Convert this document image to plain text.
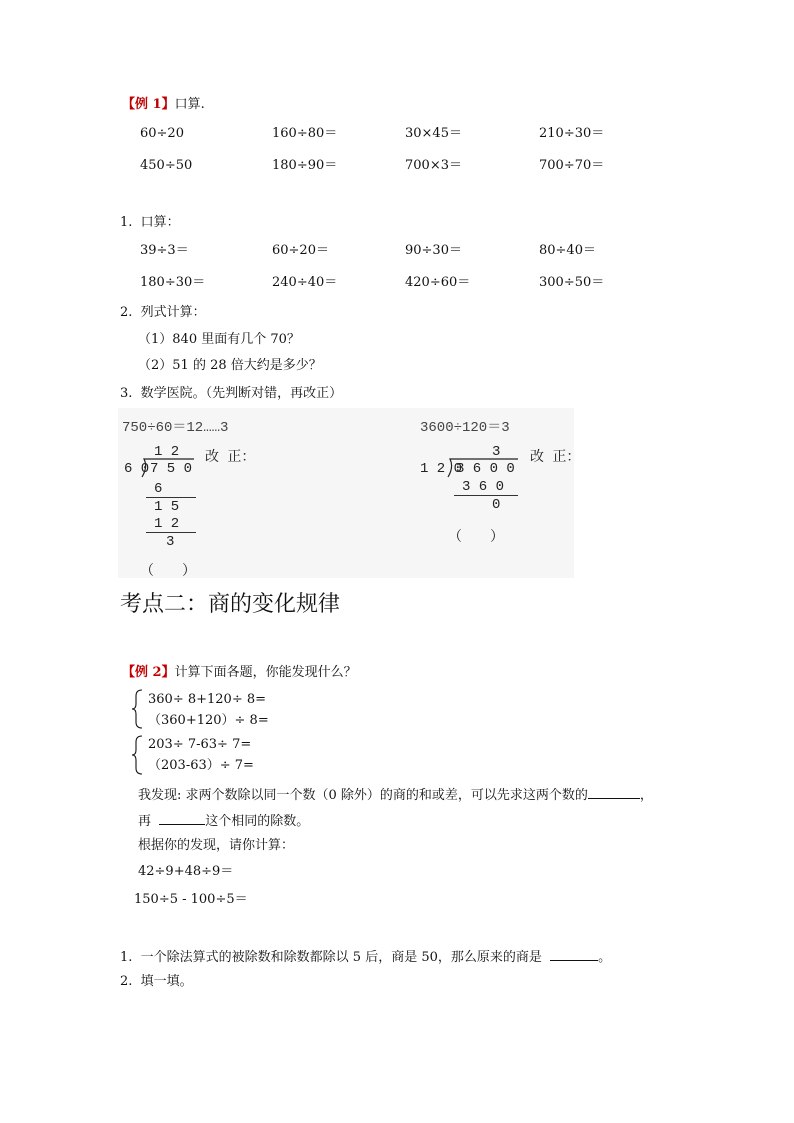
【例 1】口算.
60÷20	160÷80＝	30×45＝	210÷30＝
450÷50	180÷90＝	700×3＝	700÷70＝
1. 口算：
39÷3＝	60÷20＝	90÷30＝	80÷40＝
180÷30＝	240÷40＝	420÷60＝	300÷50＝
2. 列式计算：
（1）840 里面有几个 70？
（2）51 的 28 倍大约是多少？
3. 数学医院。（先判断对错，再改正）
750÷60＝12……3
1 2
6 0 7 5 0
6
1 5
1 2
3
改 正：
（　　）
3600÷120＝3
3
1 2 0
3 6 0 0
3 6 0
0
改 正：
（　　）
考点二：商的变化规律
【例 2】计算下面各题，你能发现什么？
360÷ 8+120÷ 8=
（360+120）÷ 8=
203÷ 7-63÷ 7=
（203-63）÷ 7=
我发现: 求两个数除以同一个数（0 除外）的商的和或差，可以先求这两个数的	，
再	这个相同的除数。
根据你的发现，请你计算：
42÷9+48÷9＝
150÷5 - 100÷5＝
1. 一个除法算式的被除数和除数都除以 5 后，商是 50，那么原来的商是	。
2. 填一填。
